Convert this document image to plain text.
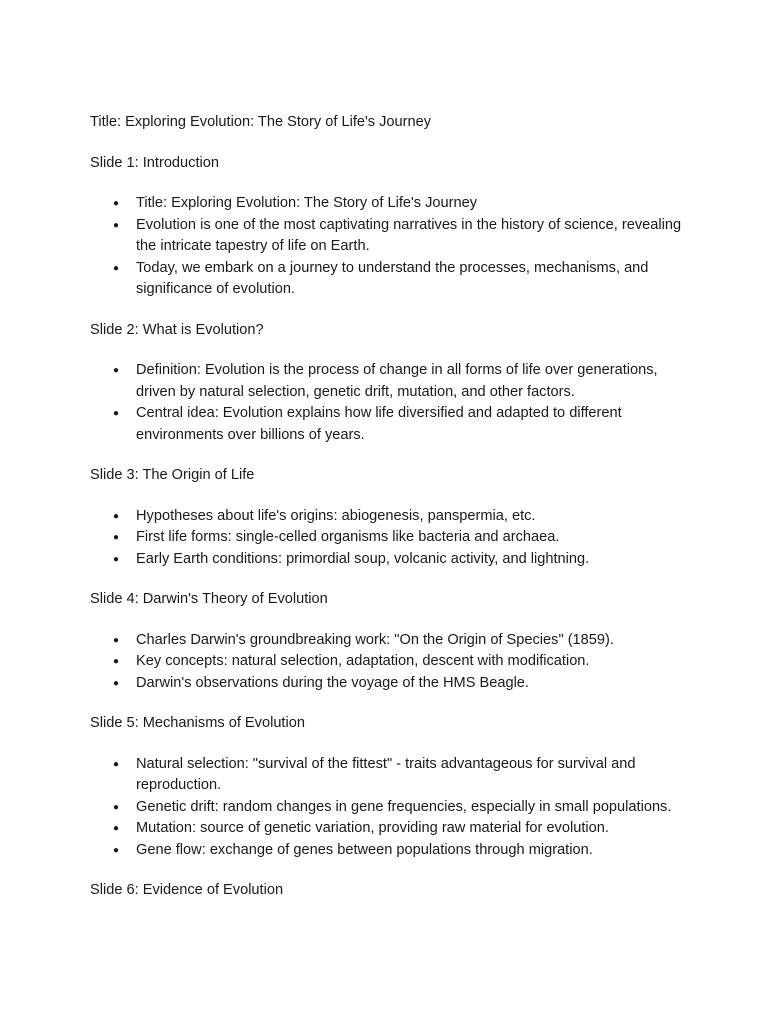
Title: Exploring Evolution: The Story of Life's Journey

Slide 1: Introduction

● Title: Exploring Evolution: The Story of Life's Journey
● Evolution is one of the most captivating narratives in the history of science, revealing the intricate tapestry of life on Earth.
● Today, we embark on a journey to understand the processes, mechanisms, and significance of evolution.

Slide 2: What is Evolution?

● Definition: Evolution is the process of change in all forms of life over generations, driven by natural selection, genetic drift, mutation, and other factors.
● Central idea: Evolution explains how life diversified and adapted to different environments over billions of years.

Slide 3: The Origin of Life

● Hypotheses about life's origins: abiogenesis, panspermia, etc.
● First life forms: single-celled organisms like bacteria and archaea.
● Early Earth conditions: primordial soup, volcanic activity, and lightning.

Slide 4: Darwin's Theory of Evolution

● Charles Darwin's groundbreaking work: "On the Origin of Species" (1859).
● Key concepts: natural selection, adaptation, descent with modification.
● Darwin's observations during the voyage of the HMS Beagle.

Slide 5: Mechanisms of Evolution

● Natural selection: "survival of the fittest" - traits advantageous for survival and reproduction.
● Genetic drift: random changes in gene frequencies, especially in small populations.
● Mutation: source of genetic variation, providing raw material for evolution.
● Gene flow: exchange of genes between populations through migration.

Slide 6: Evidence of Evolution
